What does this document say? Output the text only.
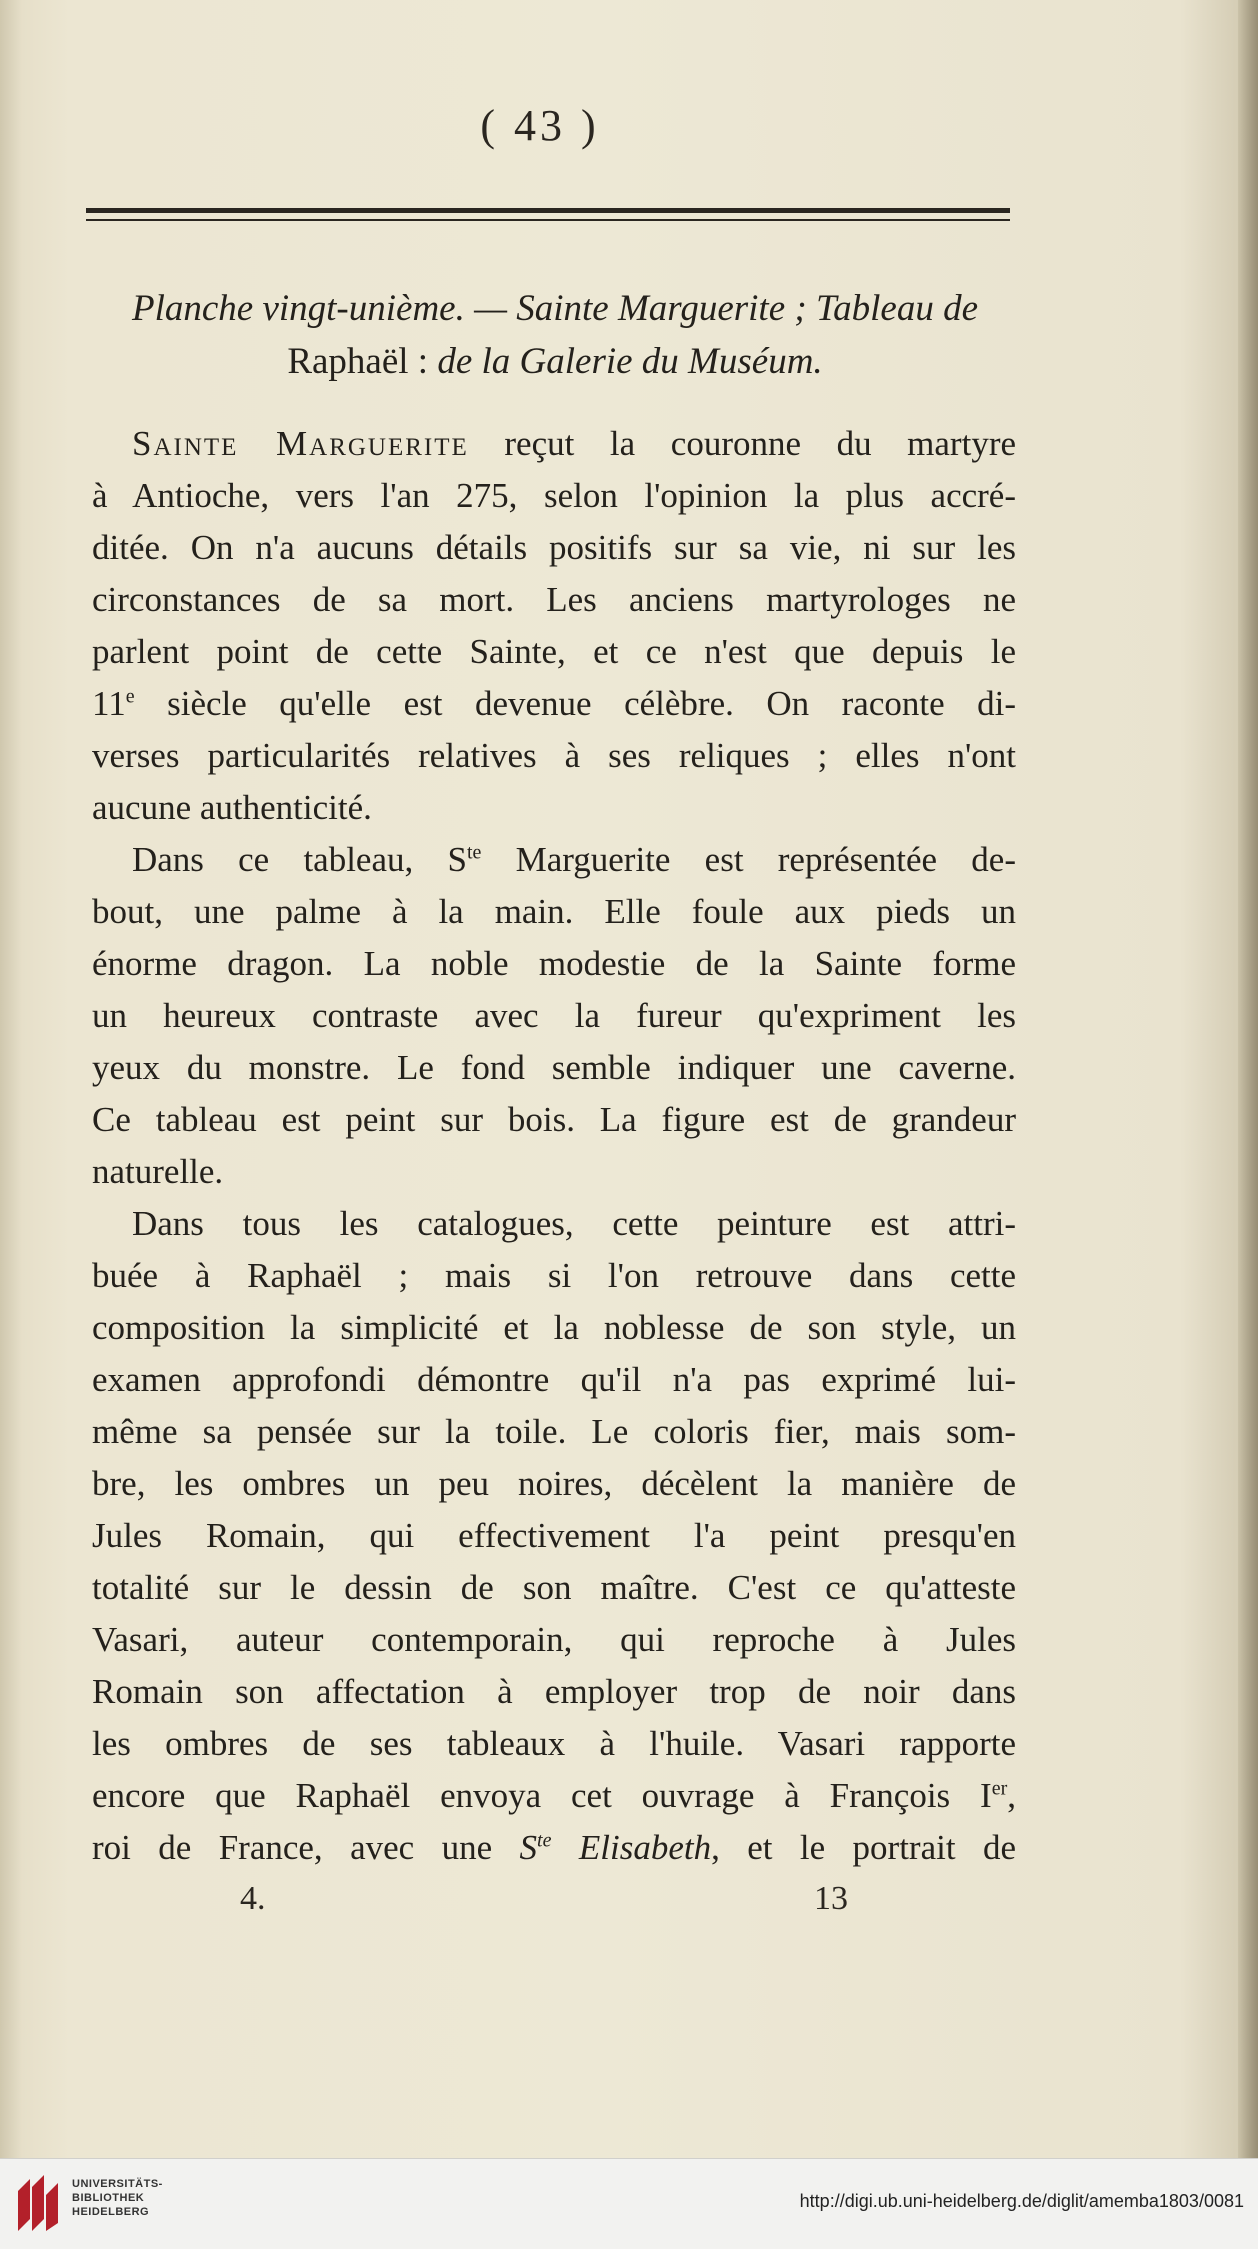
( 43 )
Planche vingt-unième. — Sainte Marguerite ; Tableau de
Raphaël : de la Galerie du Muséum.
Sainte Marguerite reçut la couronne du martyre
à Antioche, vers l'an 275, selon l'opinion la plus accré-
ditée. On n'a aucuns détails positifs sur sa vie, ni sur les
circonstances de sa mort. Les anciens martyrologes ne
parlent point de cette Sainte, et ce n'est que depuis le
11e siècle qu'elle est devenue célèbre. On raconte di-
verses particularités relatives à ses reliques ; elles n'ont
aucune authenticité.
Dans ce tableau, $S^{te}$ Marguerite est représentée de-
bout, une palme à la main. Elle foule aux pieds un
énorme dragon. La noble modestie de la Sainte forme
un heureux contraste avec la fureur qu'expriment les
yeux du monstre. Le fond semble indiquer une caverne.
Ce tableau est peint sur bois. La figure est de grandeur
naturelle.
Dans tous les catalogues, cette peinture est attri-
buée à Raphaël ; mais si l'on retrouve dans cette
composition la simplicité et la noblesse de son style, un
examen approfondi démontre qu'il n'a pas exprimé lui-
même sa pensée sur la toile. Le coloris fier, mais som-
bre, les ombres un peu noires, décèlent la manière de
Jules Romain, qui effectivement l'a peint presqu'en
totalité sur le dessin de son maître. C'est ce qu'atteste
Vasari, auteur contemporain, qui reproche à Jules
Romain son affectation à employer trop de noir dans
les ombres de ses tableaux à l'huile. Vasari rapporte
encore que Raphaël envoya cet ouvrage à François Ier,
roi de France, avec une $S^{te}$ Elisabeth, et le portrait de
4.	13
UNIVERSITÄTS-
BIBLIOTHEK
HEIDELBERG
http://digi.ub.uni-heidelberg.de/diglit/amemba1803/0081
